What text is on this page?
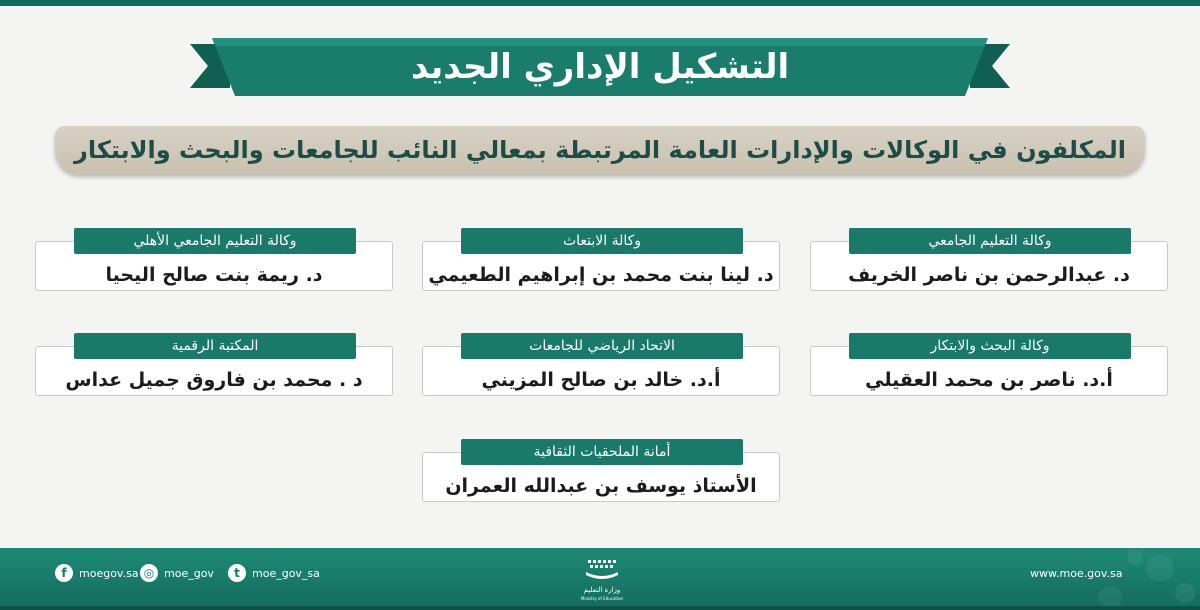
التشكيل الإداري الجديد
المكلفون في الوكالات والإدارات العامة المرتبطة بمعالي النائب للجامعات والبحث والابتكار
وكالة التعليم الجامعي
د. عبدالرحمن بن ناصر الخريف
وكالة الابتعاث
د. لينا بنت محمد بن إبراهيم الطعيمي
وكالة التعليم الجامعي الأهلي
د. ريمة بنت صالح اليحيا
وكالة البحث والابتكار
أ.د. ناصر بن محمد العقيلي
الاتحاد الرياضي للجامعات
أ.د. خالد بن صالح المزيني
المكتبة الرقمية
د . محمد بن فاروق جميل عداس
أمانة الملحقيات الثقافية
الأستاذ يوسف بن عبدالله العمران
f	moegov.sa ◎ moe_gov	t	moe_gov_sa
وزارة التعليم
Ministry of Education
www.moe.gov.sa
